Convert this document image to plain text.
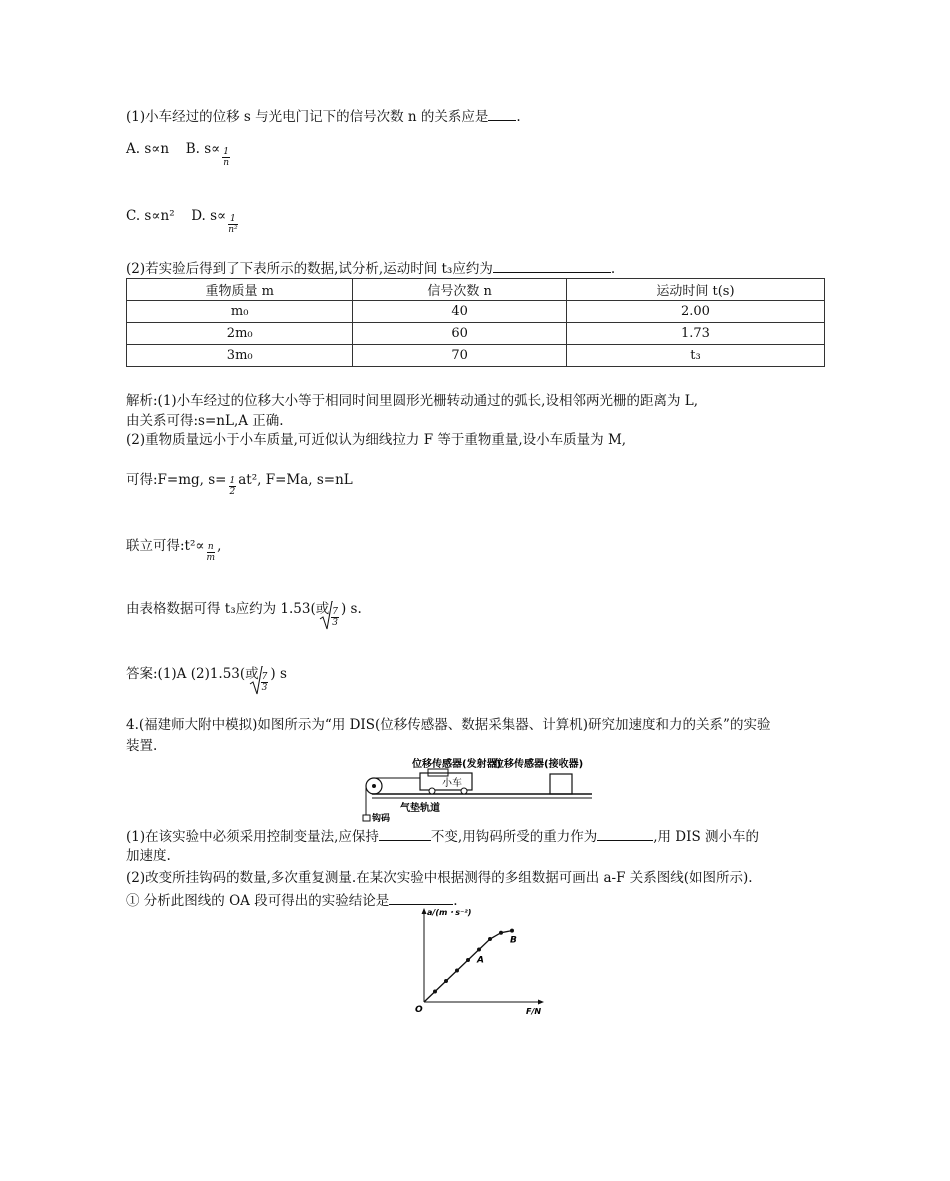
(1)小车经过的位移 s 与光电门记下的信号次数 n 的关系应是 .
A. s∝n B. $s\propto \frac{1}{n}$
C. s∝n² D. $s\propto \frac{1}{\text{n²}}$
(2)若实验后得到了下表所示的数据,试分析,运动时间 t₃应约为	.
重物质量 m	信号次数 n	运动时间 t(s)
m₀	40	2.00
2m₀	60	1.73
3m₀	70	t₃
解析:(1)小车经过的位移大小等于相同时间里圆形光栅转动通过的弧长,设相邻两光栅的距离为 L,
由关系可得:s=nL,A 正确.
(2)重物质量远小于小车质量,可近似认为细线拉力 F 等于重物重量,设小车质量为 M,
可得:F=mg, $s= \frac{1}{2} at^2$, F=Ma, s=nL
联立可得:t²∝ $\frac{n}{m}$ ,
由表格数据可得 t₃应约为 1.53(或 $\frac{7}{3}$ ) s.
答案:(1)A (2)1.53(或 $\frac{7}{3}$ ) s
4.(福建师大附中模拟)如图所示为“用 DIS(位移传感器、数据采集器、计算机)研究加速度和力的关系”的实验
装置.
位移传感器(发射器)
位移传感器(接收器)
钩码
小车
气垫轨道
(1)在该实验中必须采用控制变量法,应保持	不变,用钩码所受的重力作为	,用 DIS 测小车的
加速度.
(2)改变所挂钩码的数量,多次重复测量.在某次实验中根据测得的多组数据可画出 a-F 关系图线(如图所示).
① 分析此图线的 OA 段可得出的实验结论是	.
a/(m・s⁻²)
F/N
O
A
B
